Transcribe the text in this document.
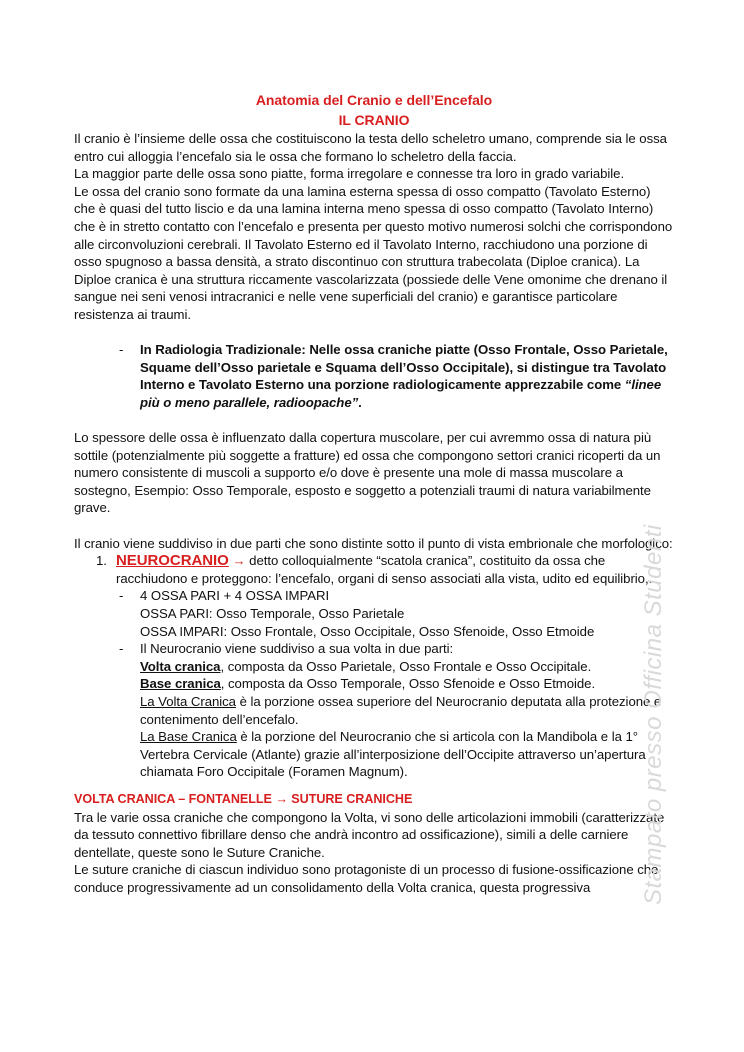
Anatomia del Cranio e dell’Encefalo
IL CRANIO

Il cranio è l’insieme delle ossa che costituiscono la testa dello scheletro umano, comprende sia le ossa entro cui alloggia l’encefalo sia le ossa che formano lo scheletro della faccia.

La maggior parte delle ossa sono piatte, forma irregolare e connesse tra loro in grado variabile.

Le ossa del cranio sono formate da una lamina esterna spessa di osso compatto (Tavolato Esterno) che è quasi del tutto liscio e da una lamina interna meno spessa di osso compatto (Tavolato Interno) che è in stretto contatto con l’encefalo e presenta per questo motivo numerosi solchi che corrispondono alle circonvoluzioni cerebrali. Il Tavolato Esterno ed il Tavolato Interno, racchiudono una porzione di osso spugnoso a bassa densità, a strato discontinuo con struttura trabecolata (Diploe cranica). La Diploe cranica è una struttura riccamente vascolarizzata (possiede delle Vene omonime che drenano il sangue nei seni venosi intracranici e nelle vene superficiali del cranio) e garantisce particolare resistenza ai traumi.

- In Radiologia Tradizionale: Nelle ossa craniche piatte (Osso Frontale, Osso Parietale, Squame dell’Osso parietale e Squama dell’Osso Occipitale), si distingue tra Tavolato Interno e Tavolato Esterno una porzione radiologicamente apprezzabile come “linee più o meno parallele, radioopache”.

Lo spessore delle ossa è influenzato dalla copertura muscolare, per cui avremmo ossa di natura più sottile (potenzialmente più soggette a fratture) ed ossa che compongono settori cranici ricoperti da un numero consistente di muscoli a supporto e/o dove è presente una mole di massa muscolare a sostegno, Esempio: Osso Temporale, esposto e soggetto a potenziali traumi di natura variabilmente grave.

Il cranio viene suddiviso in due parti che sono distinte sotto il punto di vista embrionale che morfologico:

1. NEUROCRANIO → detto colloquialmente “scatola cranica”, costituito da ossa che racchiudono e proteggono: l’encefalo, organi di senso associati alla vista, udito ed equilibrio,.
- 4 OSSA PARI + 4 OSSA IMPARI
OSSA PARI: Osso Temporale, Osso Parietale
OSSA IMPARI: Osso Frontale, Osso Occipitale, Osso Sfenoide, Osso Etmoide
- Il Neurocranio viene suddiviso a sua volta in due parti:
Volta cranica, composta da Osso Parietale, Osso Frontale e Osso Occipitale.
Base cranica, composta da Osso Temporale, Osso Sfenoide e Osso Etmoide.
La Volta Cranica è la porzione ossea superiore del Neurocranio deputata alla protezione e contenimento dell’encefalo.
La Base Cranica è la porzione del Neurocranio che si articola con la Mandibola e la 1° Vertebra Cervicale (Atlante) grazie all’interposizione dell’Occipite attraverso un’apertura chiamata Foro Occipitale (Foramen Magnum).
VOLTA CRANICA – FONTANELLE → SUTURE CRANICHE

Tra le varie ossa craniche che compongono la Volta, vi sono delle articolazioni immobili (caratterizzate da tessuto connettivo fibrillare denso che andrà incontro ad ossificazione), simili a delle carniere dentellate, queste sono le Suture Craniche.

Le suture craniche di ciascun individuo sono protagoniste di un processo di fusione-ossificazione che conduce progressivamente ad un consolidamento della Volta cranica, questa progressiva	Stampato presso Officina Studenti
